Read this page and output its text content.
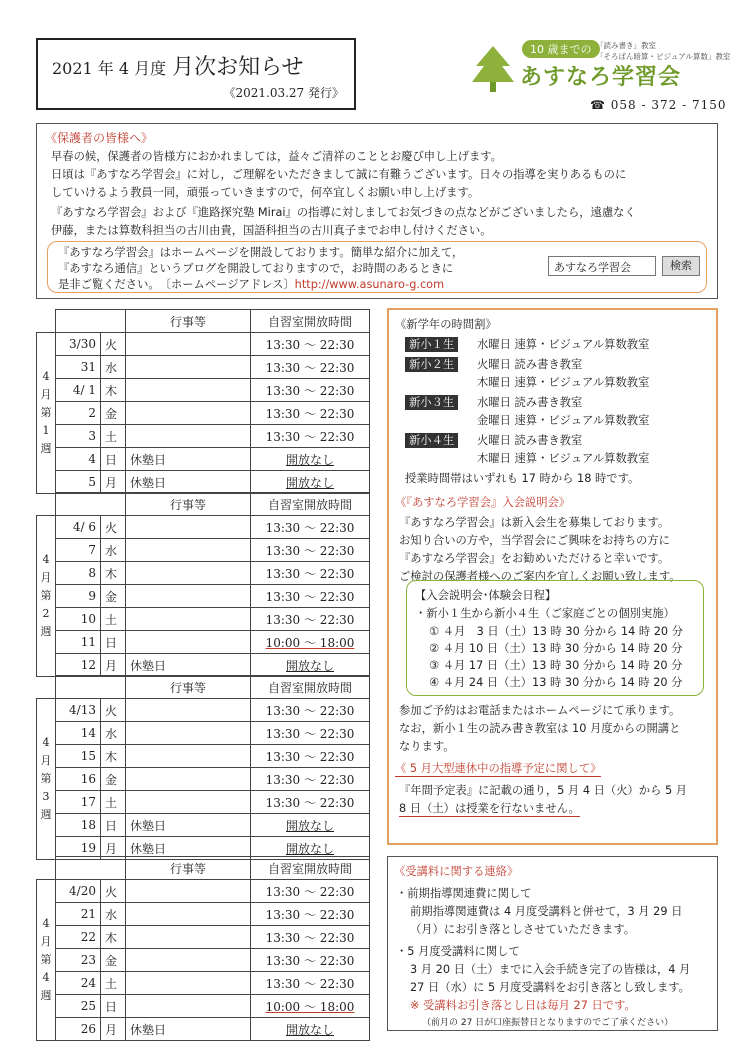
2021 年 4 月度 月次お知らせ
《2021.03.27 発行》
10 歳までの
あすなろ学習会
「読み書き」教室
「そろばん暗算・ビジュアル算数」教室
☎ 058 - 372 - 7150
《保護者の皆様へ》
早春の候，保護者の皆様方におかれましては，益々ご清祥のこととお慶び申し上げます。
日頃は『あすなろ学習会』に対し，ご理解をいただきまして誠に有難うございます。日々の指導を実りあるものに
していけるよう教員一同，頑張っていきますので，何卒宜しくお願い申し上げます。
『あすなろ学習会』および『進路探究塾 Mirai』の指導に対しましてお気づきの点などがございましたら，遠慮なく
伊藤，または算数科担当の古川由貴，国語科担当の古川真子までお申し付けください。
『あすなろ学習会』はホームページを開設しております。簡単な紹介に加えて，
『あすなろ通信』というブログを開設しておりますので，お時間のあるときに
是非ご覧ください。　〔ホームページアドレス〕http://www.asunaro-g.com
あすなろ学習会	検索
			行事等	自習室開放時間

4
月
第
1
週	3/30	火		13:30 ～ 22:30
	31	水		13:30 ～ 22:30
	4/ 1	木		13:30 ～ 22:30
	2	金		13:30 ～ 22:30
	3	土		13:30 ～ 22:30
	4	日	休塾日	開放なし
	5	月	休塾日	開放なし
			行事等	自習室開放時間

4
月
第
2
週	4/ 6	火		13:30 ～ 22:30
	7	水		13:30 ～ 22:30
	8	木		13:30 ～ 22:30
	9	金		13:30 ～ 22:30
	10	土		13:30 ～ 22:30
	11	日		10:00 ～ 18:00
	12	月	休塾日	開放なし
			行事等	自習室開放時間

4
月
第
3
週	4/13	火		13:30 ～ 22:30
	14	水		13:30 ～ 22:30
	15	木		13:30 ～ 22:30
	16	金		13:30 ～ 22:30
	17	土		13:30 ～ 22:30
	18	日	休塾日	開放なし
	19	月	休塾日	開放なし
			行事等	自習室開放時間

4
月
第
4
週	4/20	火		13:30 ～ 22:30
	21	水		13:30 ～ 22:30
	22	木		13:30 ～ 22:30
	23	金		13:30 ～ 22:30
	24	土		13:30 ～ 22:30
	25	日		10:00 ～ 18:00
	26	月	休塾日	開放なし
《新学年の時間割》
新小１生	水曜日 速算・ビジュアル算数教室
新小２生	火曜日 読み書き教室
木曜日 速算・ビジュアル算数教室
新小３生	水曜日 読み書き教室
金曜日 速算・ビジュアル算数教室
新小４生	火曜日 読み書き教室
木曜日 速算・ビジュアル算数教室
授業時間帯はいずれも 17 時から 18 時です。
《『あすなろ学習会』入会説明会》
『あすなろ学習会』は新入会生を募集しております。
お知り合いの方や，当学習会にご興味をお持ちの方に
『あすなろ学習会』をお勧めいただけると幸いです。
ご検討の保護者様へのご案内を宜しくお願い致します。
【入会説明会･体験会日程】
・新小１生から新小４生（ご家庭ごとの個別実施）
① ４月　3 日（土）13 時 30 分から 14 時 20 分
② ４月 10 日（土）13 時 30 分から 14 時 20 分
③ ４月 17 日（土）13 時 30 分から 14 時 20 分
④ ４月 24 日（土）13 時 30 分から 14 時 20 分
参加ご予約はお電話またはホームページにて承ります。
なお，新小１生の読み書き教室は 10 月度からの開講と
なります。
《 5 月大型連休中の指導予定に関して》
『年間予定表』に記載の通り，5 月 4 日（火）から 5 月
8 日（土）は授業を行ないません。
《受講料に関する連絡》
・前期指導関連費に関して
前期指導関連費は 4 月度受講料と併せて，3 月 29 日
（月）にお引き落としさせていただきます。
・5 月度受講料に関して
3 月 20 日（土）までに入会手続き完了の皆様は，4 月
27 日（水）に 5 月度受講料をお引き落とし致します。
※ 受講料お引き落とし日は毎月 27 日です。
（前月の 27 日が口座振替日となりますのでご了承ください）
